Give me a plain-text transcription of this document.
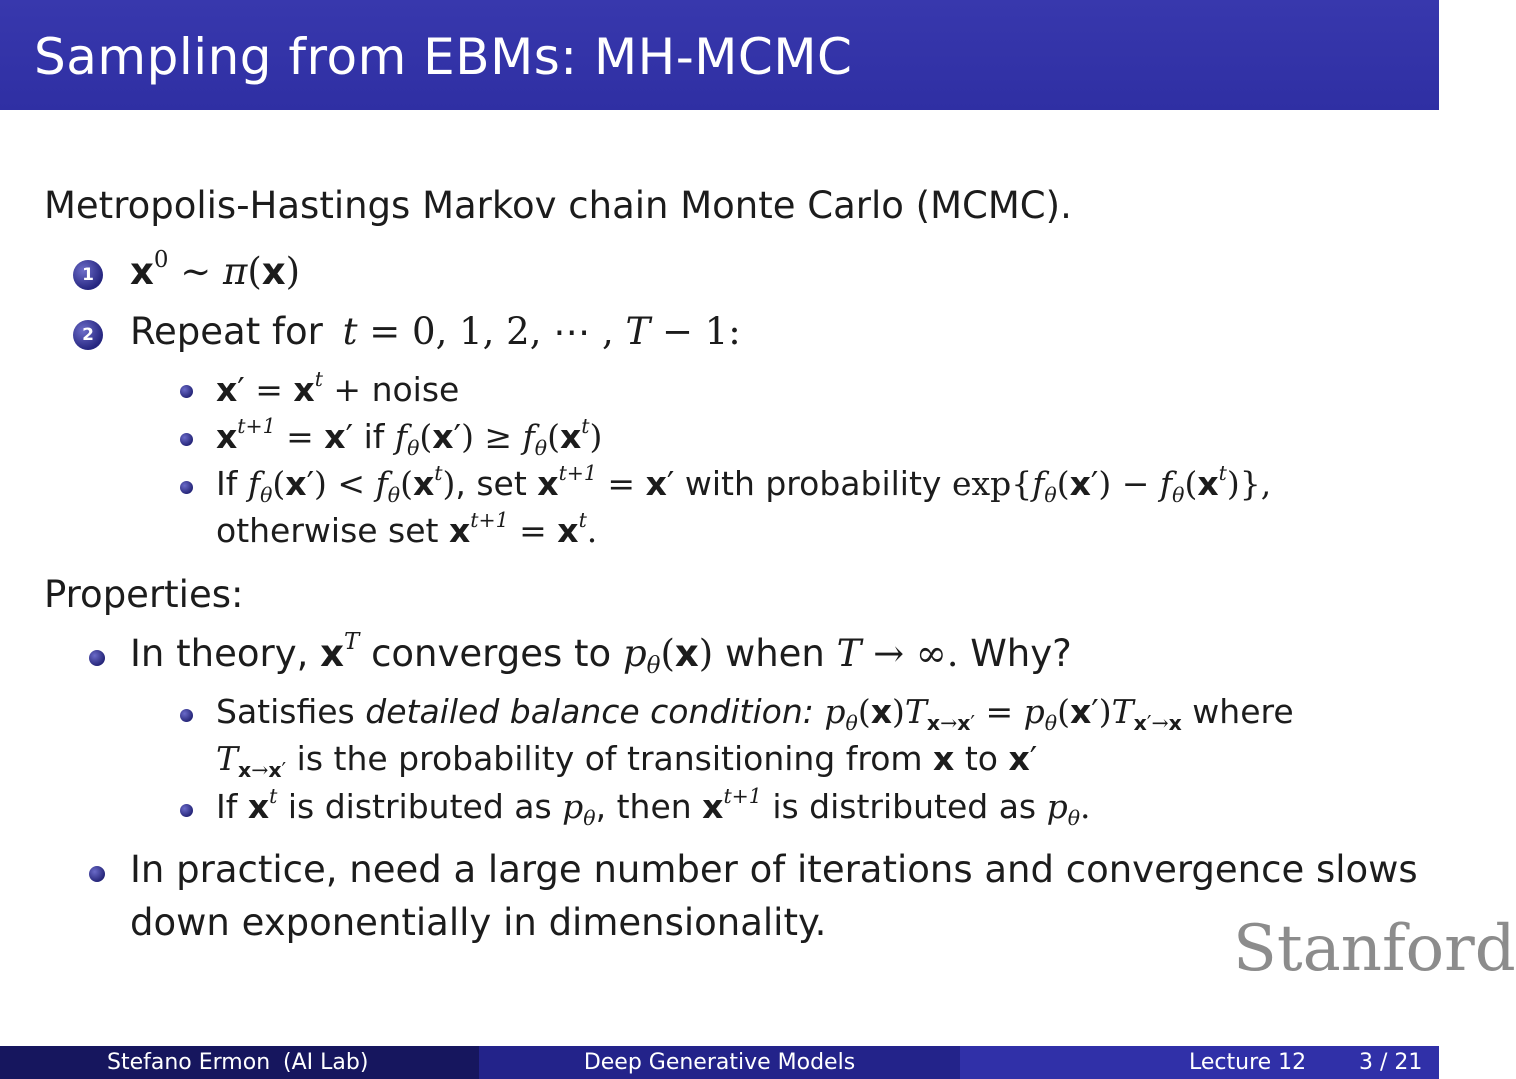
Sampling from EBMs: MH-MCMC
Metropolis-Hastings Markov chain Monte Carlo (MCMC).
1 $x^0$ ∼ π(x)
2 Repeat for t = 0, 1, 2, ⋯ , T − 1:
$x' = x^t$ + noise
$x^{t+1} = x'$ if $f_\theta(x') \ge f_\theta(x^t)$
If $f_\theta(x') < f_\theta(x^t)$, set $x^{t+1} = x'$ with probability $\exp\{f_\theta(x') - f_\theta(x^t)\}$,
otherwise set $x^{t+1} = x^t$.
Properties:
In theory, $x^T$ converges to $p_\theta(x)$ when T → ∞. Why?
Satisfies detailed balance condition: $p_\theta(x)T_{x\to x'} = p_\theta(x')T_{x'\to x}$ where
$T_{x\to x'}$ is the probability of transitioning from x to x′
If $x^t$ is distributed as $p_\theta$, then $x^{t+1}$ is distributed as $p_\theta$.
In practice, need a large number of iterations and convergence slows
down exponentially in dimensionality.	Stanford
Stefano Ermon (AI Lab)	Deep Generative Models	Lecture 12 3 / 21
